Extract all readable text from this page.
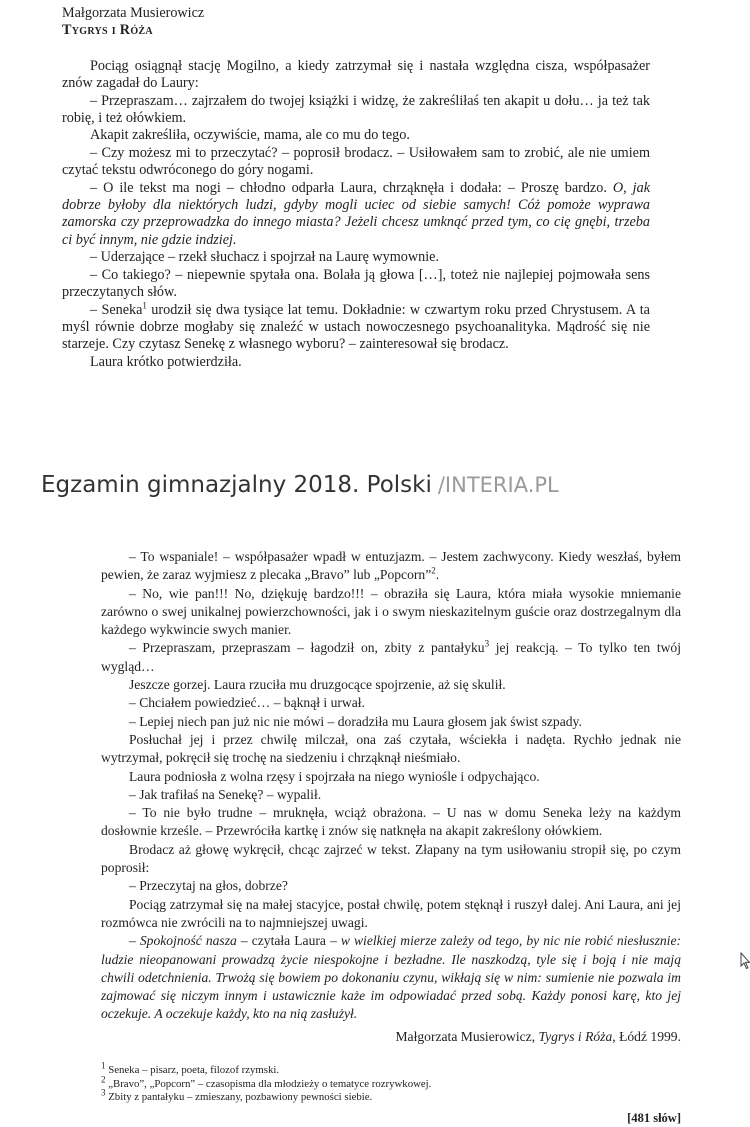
Małgorzata Musierowicz
Tygrys i Róża

Pociąg osiągnął stację Mogilno, a kiedy zatrzymał się i nastała względna cisza, współpasażer znów zagadał do Laury:

– Przepraszam… zajrzałem do twojej książki i widzę, że zakreśliłaś ten akapit u dołu… ja też tak robię, i też ołówkiem.

Akapit zakreśliła, oczywiście, mama, ale co mu do tego.

– Czy możesz mi to przeczytać? – poprosił brodacz. – Usiłowałem sam to zrobić, ale nie umiem czytać tekstu odwróconego do góry nogami.

– O ile tekst ma nogi – chłodno odparła Laura, chrząknęła i dodała: – Proszę bardzo. O, jak dobrze byłoby dla niektórych ludzi, gdyby mogli uciec od siebie samych! Cóż pomoże wyprawa zamorska czy przeprowadzka do innego miasta? Jeżeli chcesz umknąć przed tym, co cię gnębi, trzeba ci być innym, nie gdzie indziej.

– Uderzające – rzekł słuchacz i spojrzał na Laurę wymownie.

– Co takiego? – niepewnie spytała ona. Bolała ją głowa […], toteż nie najlepiej pojmowała sens przeczytanych słów.

– Seneka$^1$ urodził się dwa tysiące lat temu. Dokładnie: w czwartym roku przed Chrystusem. A ta myśl równie dobrze mogłaby się znaleźć w ustach nowoczesnego psychoanalityka. Mądrość się nie starzeje. Czy czytasz Senekę z własnego wyboru? – zainteresował się brodacz.

Laura krótko potwierdziła.

Egzamin gimnazjalny 2018. Polski /INTERIA.PL

– To wspaniale! – współpasażer wpadł w entuzjazm. – Jestem zachwycony. Kiedy weszłaś, byłem pewien, że zaraz wyjmiesz z plecaka „Bravo” lub „Popcorn”$^2$.

– No, wie pan!!! No, dziękuję bardzo!!! – obraziła się Laura, która miała wysokie mniemanie zarówno o swej unikalnej powierzchowności, jak i o swym nieskazitelnym guście oraz dostrzegalnym dla każdego wykwincie swych manier.

– Przepraszam, przepraszam – łagodził on, zbity z pantałyku$^3$ jej reakcją. – To tylko ten twój wygląd…

Jeszcze gorzej. Laura rzuciła mu druzgocące spojrzenie, aż się skulił.

– Chciałem powiedzieć… – bąknął i urwał.

– Lepiej niech pan już nic nie mówi – doradziła mu Laura głosem jak świst szpady.

Posłuchał jej i przez chwilę milczał, ona zaś czytała, wściekła i nadęta. Rychło jednak nie wytrzymał, pokręcił się trochę na siedzeniu i chrząknął nieśmiało.

Laura podniosła z wolna rzęsy i spojrzała na niego wyniośle i odpychająco.

– Jak trafiłaś na Senekę? – wypalił.

– To nie było trudne – mruknęła, wciąż obrażona. – U nas w domu Seneka leży na każdym dosłownie krześle. – Przewróciła kartkę i znów się natknęła na akapit zakreślony ołówkiem.

Brodacz aż głowę wykręcił, chcąc zajrzeć w tekst. Złapany na tym usiłowaniu stropił się, po czym poprosił:

– Przeczytaj na głos, dobrze?

Pociąg zatrzymał się na małej stacyjce, postał chwilę, potem stęknął i ruszył dalej. Ani Laura, ani jej rozmówca nie zwrócili na to najmniejszej uwagi.

– Spokojność nasza – czytała Laura – w wielkiej mierze zależy od tego, by nic nie robić niesłusznie: ludzie nieopanowani prowadzą życie niespokojne i bezładne. Ile naszkodzą, tyle się i boją i nie mają chwili odetchnienia. Trwożą się bowiem po dokonaniu czynu, wikłają się w nim: sumienie nie pozwala im zajmować się niczym innym i ustawicznie każe im odpowiadać przed sobą. Każdy ponosi karę, kto jej oczekuje. A oczekuje każdy, kto na nią zasłużył.

Małgorzata Musierowicz, Tygrys i Róża, Łódź 1999.
$^1$ Seneka – pisarz, poeta, filozof rzymski.
$^2$ „Bravo”, „Popcorn” – czasopisma dla młodzieży o tematyce rozrywkowej.
$^3$ Zbity z pantałyku – zmieszany, pozbawiony pewności siebie.
[481 słów]
